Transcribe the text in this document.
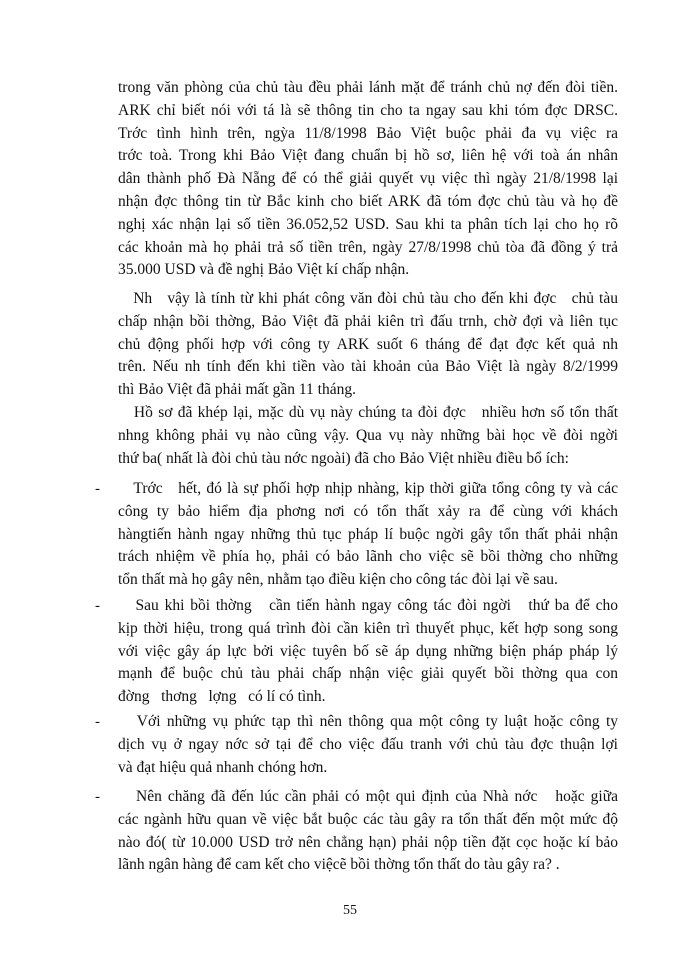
trong văn phòng của chủ tàu đều phải lánh mặt để tránh chủ nợ đến đòi tiền.
ARK chỉ biết nói với tá là sẽ thông tin cho ta ngay sau khi tóm đợc DRSC.
Trớc tình hình trên, ngỳa 11/8/1998 Bảo Việt buộc phải đa vụ việc ra
trớc toà. Trong khi Bảo Việt đang chuẩn bị hồ sơ, liên hệ với toà án nhân
dân thành phố Đà Nẵng để có thể giải quyết vụ việc thì ngày 21/8/1998 lại
nhận đợc thông tin từ Bắc kinh cho biết ARK đã tóm đợc chủ tàu và họ đề
nghị xác nhận lại số tiền 36.052,52 USD. Sau khi ta phân tích lại cho họ rõ
các khoản mà họ phải trả số tiền trên, ngày 27/8/1998 chủ tòa đã đồng ý trả
35.000 USD và đề nghị Bảo Việt kí chấp nhận.

Nh   vậy là tính từ khi phát công văn đòi chủ tàu cho đến khi đợc   chủ tàu
chấp nhận bồi thờng, Bảo Việt đã phải kiên trì đấu trnh, chờ đợi và liên tục
chủ động phối hợp với công ty ARK suốt 6 tháng để đạt đợc kết quả nh
trên. Nếu nh tính đến khi tiền vào tài khoản của Bảo Việt là ngày 8/2/1999
thì Bảo Việt đã phải mất gần 11 tháng.

Hồ sơ đã khép lại, mặc dù vụ này chúng ta đòi đợc   nhiều hơn số tổn thất
nhng không phải vụ nào cũng vậy. Qua vụ này những bài học về đòi ngời
thứ ba( nhất là đòi chủ tàu nớc ngoài) đã cho Bảo Việt nhiều điều bổ ích:

- Trớc   hết, đó là sự phối hợp nhịp nhàng, kịp thời giữa tổng công ty và các
công ty bảo hiểm địa phơng nơi có tổn thất xảy ra để cùng với khách
hàngtiến hành ngay những thủ tục pháp lí buộc ngời gây tổn thất phải nhận
trách nhiệm về phía họ, phải có bảo lãnh cho việc sẽ bồi thờng cho những
tổn thất mà họ gây nên, nhằm tạo điều kiện cho công tác đòi lại về sau.

- Sau khi bồi thờng   cần tiến hành ngay công tác đòi ngời   thứ ba để cho
kịp thời hiệu, trong quá trình đòi cần kiên trì thuyết phục, kết hợp song song
với việc gây áp lực bởi việc tuyên bố sẽ áp dụng những biện pháp pháp lý
mạnh để buộc chủ tàu phải chấp nhận việc giải quyết bồi thờng qua con
đờng   thơng   lợng   có lí có tình.

- Với những vụ phức tạp thì nên thông qua một công ty luật hoặc công ty
dịch vụ ở ngay nớc sở tại để cho việc đấu tranh với chủ tàu đợc thuận lợi
và đạt hiệu quả nhanh chóng hơn.

- Nên chăng đã đến lúc cần phải có một qui định của Nhà nớc   hoặc giữa
các ngành hữu quan về việc bắt buộc các tàu gây ra tổn thất đến một mức độ
nào đó( từ 10.000 USD trở nên chẳng hạn) phải nộp tiền đặt cọc hoặc kí bảo
lãnh ngân hàng để cam kết cho việcẽ bồi thờng tổn thất do tàu gây ra? .

55
